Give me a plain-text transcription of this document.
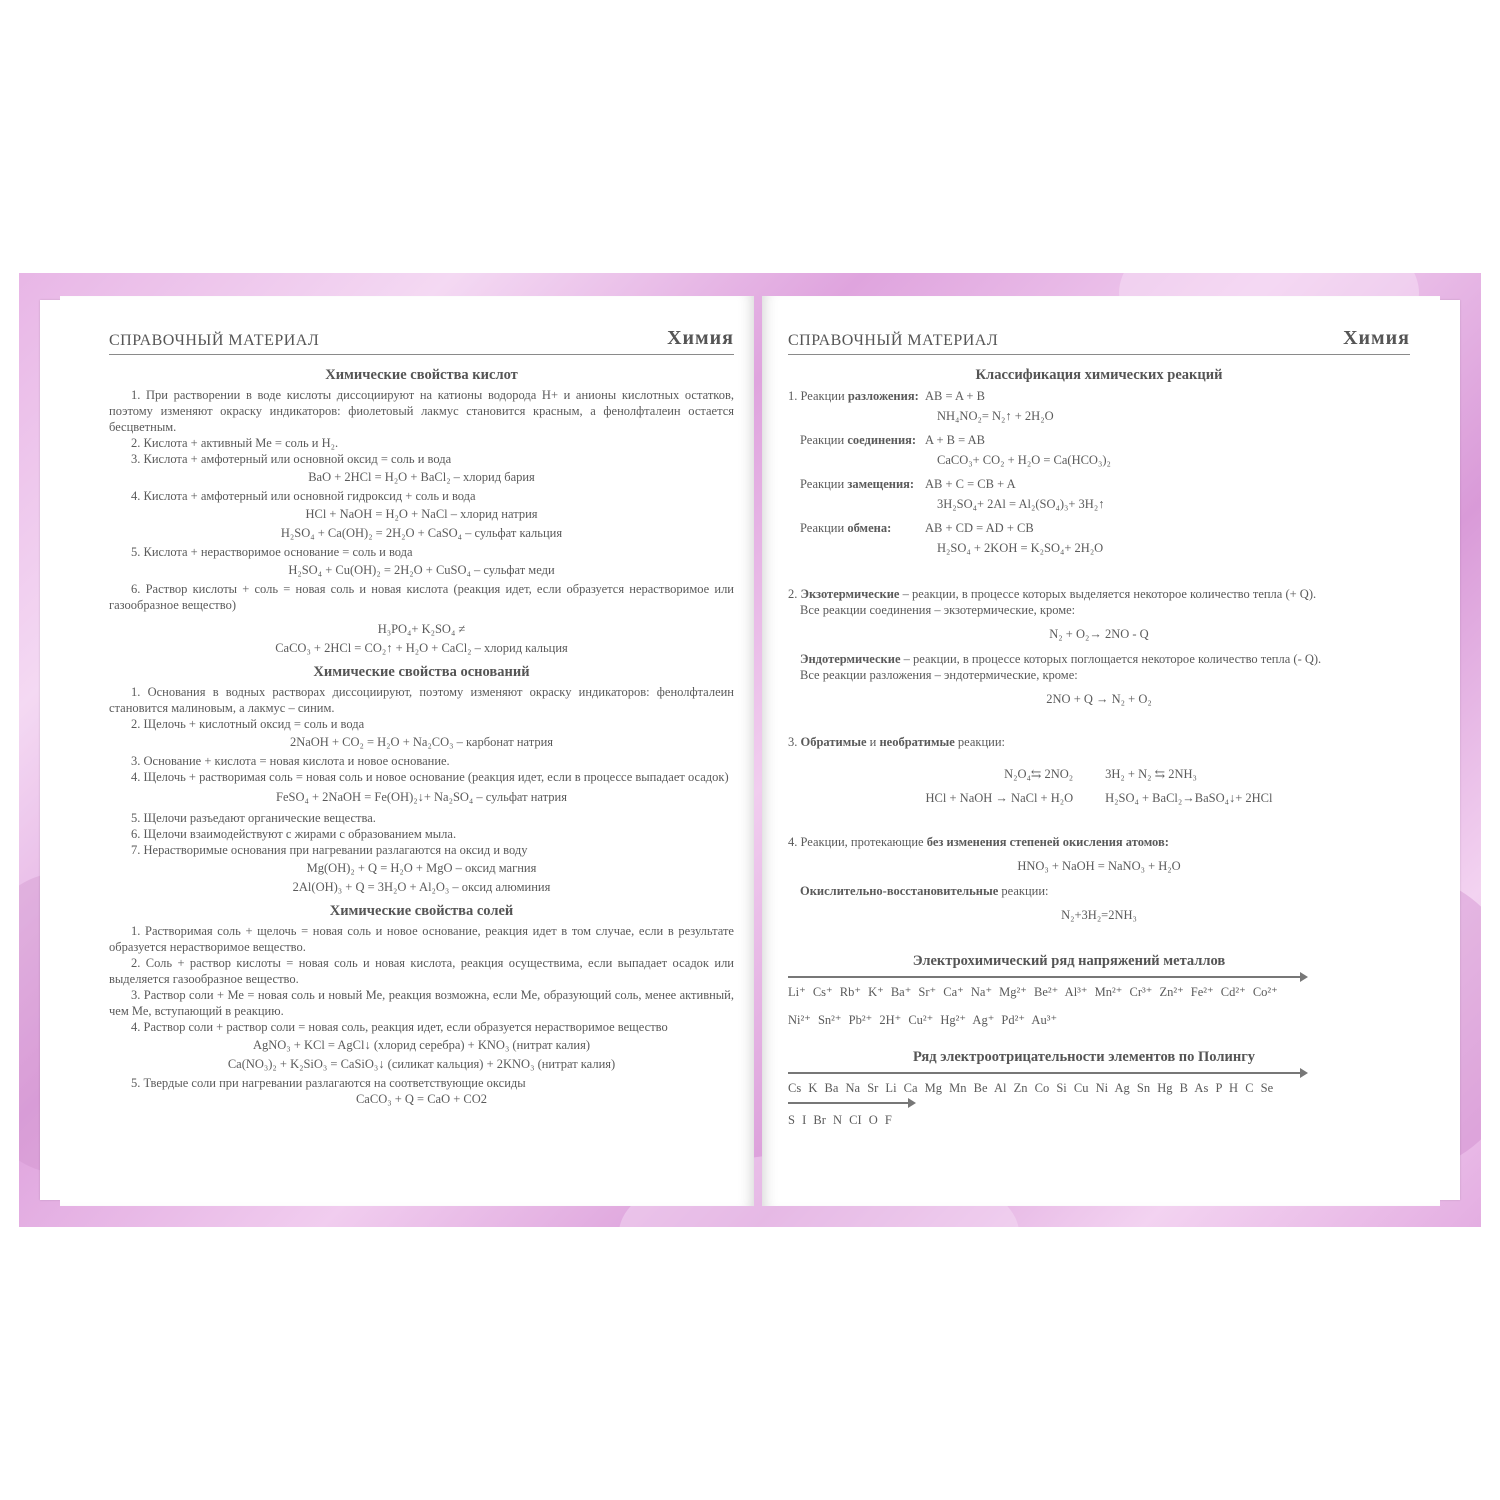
СПРАВОЧНЫЙ МАТЕРИАЛ	Химия
Химические свойства кислот
1. При растворении в воде кислоты диссоциируют на катионы водорода Н+ и анионы кислотных остатков, поэтому изменяют окраску индикаторов: фиолетовый лакмус становится красным, а фенолфталеин остается бесцветным.
2. Кислота + активный Ме = соль и Н₂.
3. Кислота + амфотерный или основной оксид = соль и вода
BaO + 2HCl = H₂O + BaCl₂ – хлорид бария
4. Кислота + амфотерный или основной гидроксид + соль и вода
HCl + NaOH = H₂O + NaCl – хлорид натрия
H₂SO₄ + Ca(OH)₂ = 2H₂O + CaSO₄ – сульфат кальция
5. Кислота + нерастворимое основание = соль и вода
H₂SO₄ + Cu(OH)₂ = 2H₂O + CuSO₄ – сульфат меди
6. Раствор кислоты + соль = новая соль и новая кислота (реакция идет, если образуется нерастворимое или газообразное вещество)
H₃PO₄+ K₂SO₄ ≠
CaCO₃ + 2HCl = CO₂↑ + H₂O + CaCl₂ – хлорид кальция
Химические свойства оснований
1. Основания в водных растворах диссоциируют, поэтому изменяют окраску индикаторов: фенолфталеин становится малиновым, а лакмус – синим.
2. Щелочь + кислотный оксид = соль и вода
2NaOH + CO₂ = H₂O + Na₂CO₃ – карбонат натрия
3. Основание + кислота = новая кислота и новое основание.
4. Щелочь + растворимая соль = новая соль и новое основание (реакция идет, если в процессе выпадает осадок)
FeSO₄ + 2NaOH = Fe(OH)₂↓+ Na₂SO₄ – сульфат натрия
5. Щелочи разъедают органические вещества.
6. Щелочи взаимодействуют с жирами с образованием мыла.
7. Нерастворимые основания при нагревании разлагаются на оксид и воду
Mg(OH)₂ + Q = H₂O + MgO – оксид магния
2Al(OH)₃ + Q = 3H₂O + Al₂O₃ – оксид алюминия
Химические свойства солей
1. Растворимая соль + щелочь = новая соль и новое основание, реакция идет в том случае, если в результате образуется нерастворимое вещество.
2. Соль + раствор кислоты = новая соль и новая кислота, реакция осуществима, если выпадает осадок или выделяется газообразное вещество.
3. Раствор соли + Ме = новая соль и новый Ме, реакция возможна, если Ме, образующий соль, менее активный, чем Ме, вступающий в реакцию.
4. Раствор соли + раствор соли = новая соль, реакция идет, если образуется нерастворимое вещество
AgNO₃ + KCl = AgCl↓ (хлорид серебра) + KNO₃ (нитрат калия)
Ca(NO₃)₂ + K₂SiO₃ = CaSiO₃↓ (силикат кальция) + 2KNO₃ (нитрат калия)
5. Твердые соли при нагревании разлагаются на соответствующие оксиды
CaCO₃ + Q = CaO + CO2
СПРАВОЧНЫЙ МАТЕРИАЛ	Химия
Классификация химических реакций
1. Реакции разложения: AB = A + B
NH₄NO₂= N₂↑ + 2H₂O
Реакции соединения: A + B = AB
CaCO₃+ CO₂ + H₂O = Ca(HCO₃)₂
Реакции замещения: AB + C = CB + A
3H₂SO₄+ 2Al = Al₂(SO₄)₃+ 3H₂↑
Реакции обмена:	AB + CD = AD + CB
H₂SO₄ + 2KOH = K₂SO₄+ 2H₂O
2. Экзотермические – реакции, в процессе которых выделяется некоторое количество тепла (+ Q).
Все реакции соединения – экзотермические, кроме:
N₂ + O₂→ 2NO - Q
Эндотермические – реакции, в процессе которых поглощается некоторое количество тепла (- Q).
Все реакции разложения – эндотермические, кроме:
2NO + Q → N₂ + O₂
3. Обратимые и необратимые реакции:
N₂O₄⇆ 2NO₂
HCl + NaOH → NaCl + H₂O
3H₂ + N₂ ⇆ 2NH₃
H₂SO₄ + BaCl₂→BaSO₄↓+ 2HCl
4. Реакции, протекающие без изменения степеней окисления атомов:
HNO₃ + NaOH = NaNO₃ + H₂O
Окислительно-восстановительные реакции:
N₂+3H₂=2NH₃
Электрохимический ряд напряжений металлов
Li⁺ Cs⁺ Rb⁺ K⁺ Ba⁺ Sr⁺ Ca⁺ Na⁺ Mg²⁺ Be²⁺ Al³⁺ Mn²⁺ Cr³⁺ Zn²⁺ Fe²⁺ Cd²⁺ Co²⁺
Ni²⁺ Sn²⁺ Pb²⁺ 2H⁺ Cu²⁺ Hg²⁺ Ag⁺ Pd²⁺ Au³⁺
Ряд электроотрицательности элементов по Полингу
Cs K Ba Na Sr Li Ca Mg Mn Be Al Zn Co Si Cu Ni Ag Sn Hg B As P H C Se
S I Br N CI O F
